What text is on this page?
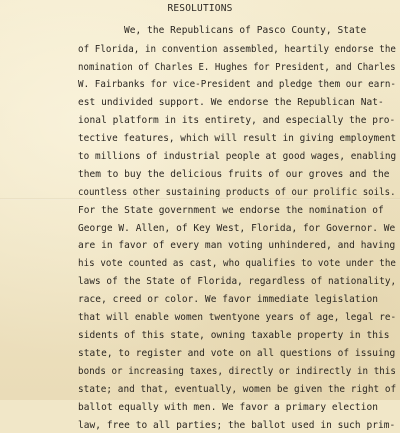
RESOLUTIONS
We, the Republicans of Pasco County, State
of Florida, in convention assembled, heartily endorse the
nomination of Charles E. Hughes for President, and Charles
W. Fairbanks for vice-President and pledge them our earn-
est undivided support. We endorse the Republican Nat-
ional platform in its entirety, and especially the pro-
tective features, which will result in giving employment
to millions of industrial people at good wages, enabling
them to buy the delicious fruits of our groves and the
countless other sustaining products of our prolific soils.
For the State government we endorse the nomination of
George W. Allen, of Key West, Florida, for Governor. We
are in favor of every man voting unhindered, and having
his vote counted as cast, who qualifies to vote under the
laws of the State of Florida, regardless of nationality,
race, creed or color. We favor immediate legislation
that will enable women twentyone years of age, legal re-
sidents of this state, owning taxable property in this
state, to register and vote on all questions of issuing
bonds or increasing taxes, directly or indirectly in this
state; and that, eventually, women be given the right of
ballot equally with men. We favor a primary election
law, free to all parties; the ballot used in such prim-
